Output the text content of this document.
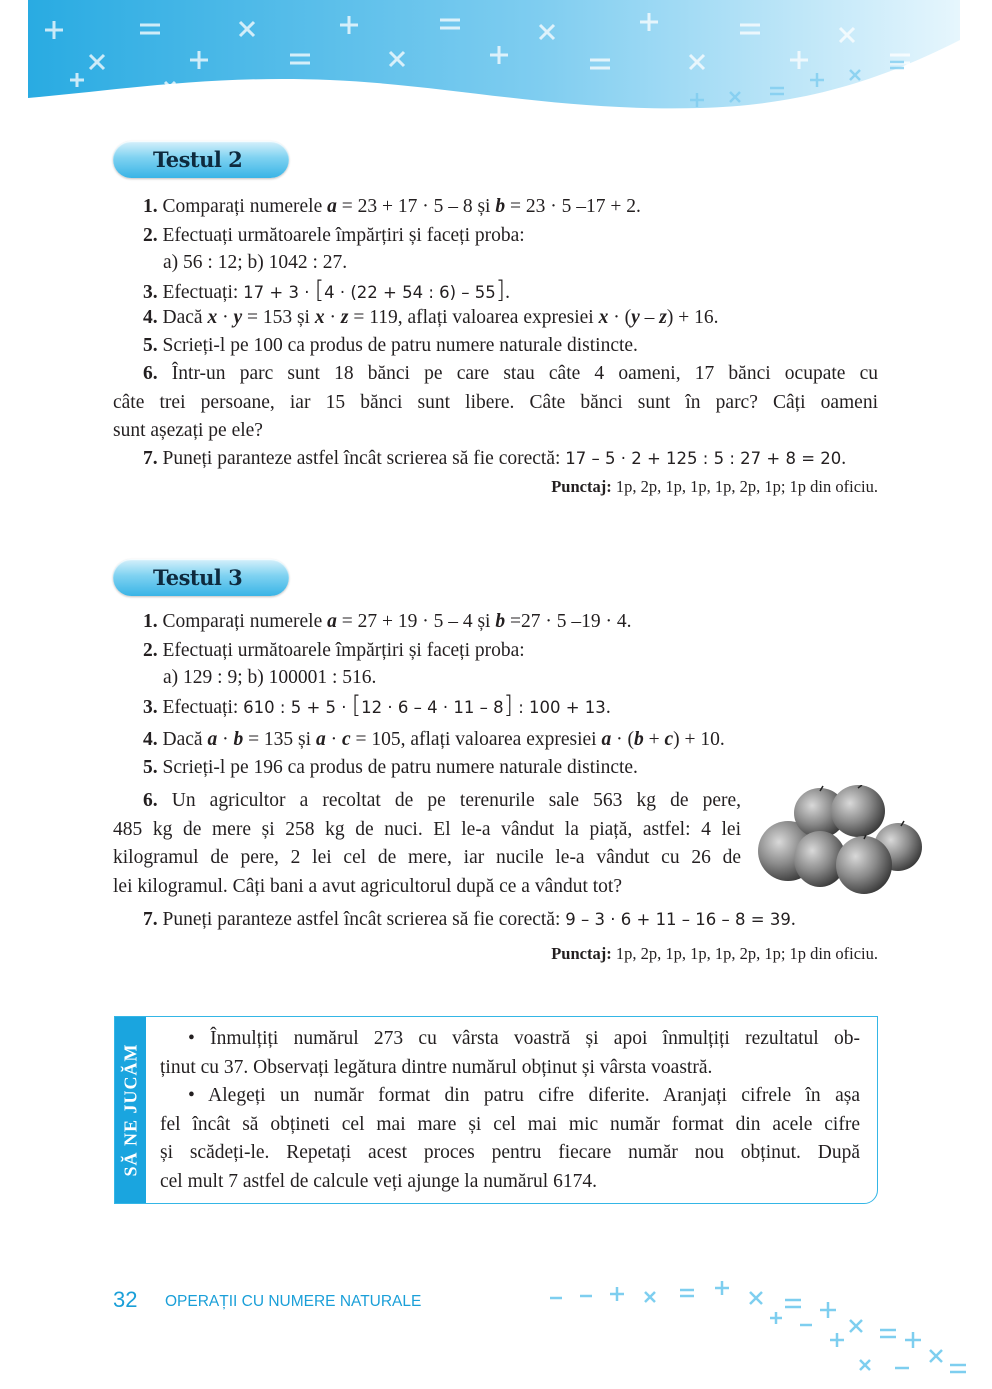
Testul 2
1. Comparați numerele a = 23 + 17 · 5 – 8 și b = 23 · 5 –17 + 2.
2. Efectuați următoarele împărțiri și faceți proba:
a) 56 : 12; b) 1042 : 27.
3. Efectuați: 17 + 3 · [4 · (22 + 54 : 6) – 55].
4. Dacă x · y = 153 și x · z = 119, aflați valoarea expresiei x · (y – z) + 16.
5. Scrieți-l pe 100 ca produs de patru numere naturale distincte.
6. Într-un parc sunt 18 bănci pe care stau câte 4 oameni, 17 bănci ocupate cu
câte trei persoane, iar 15 bănci sunt libere. Câte bănci sunt în parc? Câți oameni
sunt așezați pe ele?
7. Puneți paranteze astfel încât scrierea să fie corectă: 17 – 5 · 2 + 125 : 5 : 27 + 8 = 20.
Punctaj: 1p, 2p, 1p, 1p, 1p, 2p, 1p; 1p din oficiu.
Testul 3
1. Comparați numerele a = 27 + 19 · 5 – 4 și b =27 · 5 –19 · 4.
2. Efectuați următoarele împărțiri și faceți proba:
a) 129 : 9; b) 100001 : 516.
3. Efectuați: 610 : 5 + 5 · [12 · 6 – 4 · 11 – 8] : 100 + 13.
4. Dacă a · b = 135 și a · c = 105, aflați valoarea expresiei a · (b + c) + 10.
5. Scrieți-l pe 196 ca produs de patru numere naturale distincte.
6. Un agricultor a recoltat de pe terenurile sale 563 kg de pere,
485 kg de mere și 258 kg de nuci. El le-a vândut la piață, astfel: 4 lei
kilogramul de pere, 2 lei cel de mere, iar nucile le-a vândut cu 26 de
lei kilogramul. Câți bani a avut agricultorul după ce a vândut tot?
7. Puneți paranteze astfel încât scrierea să fie corectă: 9 – 3 · 6 + 11 – 16 – 8 = 39.
Punctaj: 1p, 2p, 1p, 1p, 1p, 2p, 1p; 1p din oficiu.
SĂ NE JUCĂM
• Înmulțiți numărul 273 cu vârsta voastră și apoi înmulțiți rezultatul ob-
ținut cu 37. Observați legătura dintre numărul obținut și vârsta voastră.
• Alegeți un număr format din patru cifre diferite. Aranjați cifrele în așa
fel încât să obțineti cel mai mare și cel mai mic număr format din acele cifre
și scădeți-le. Repetați acest proces pentru fiecare număr nou obținut. După
cel mult 7 astfel de calcule veți ajunge la numărul 6174.
32 OPERAȚII CU NUMERE NATURALE
